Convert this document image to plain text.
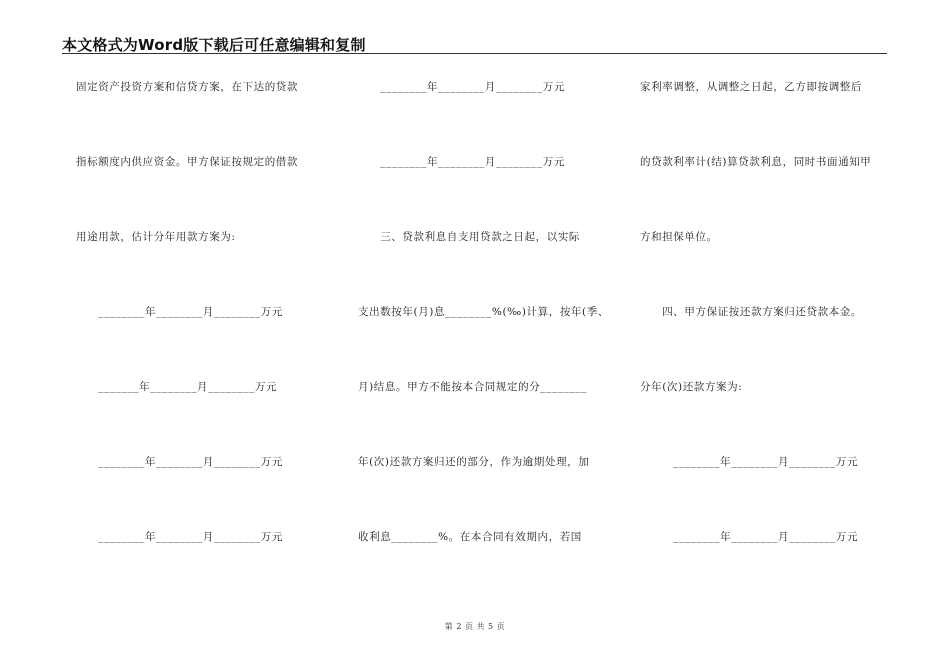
本文格式为Word版下载后可任意编辑和复制
固定资产投资方案和信贷方案，在下达的贷款
指标额度内供应资金。甲方保证按规定的借款
用途用款，估计分年用款方案为:
　　________年________月________万元
　　_______年________月________万元
　　________年________月________万元
　　________年________月________万元
　　________年________月________万元
　　________年________月________万元
　　三、贷款利息自支用贷款之日起，以实际
支出数按年(月)息________%(‰)计算，按年(季、
月)结息。甲方不能按本合同规定的分________
年(次)还款方案归还的部分，作为逾期处理，加
收利息________%。在本合同有效期内，若国
家利率调整，从调整之日起，乙方即按调整后
的贷款利率计(结)算贷款利息，同时书面通知甲
方和担保单位。
　　四、甲方保证按还款方案归还贷款本金。
分年(次)还款方案为:
　　　________年________月________万元
　　　________年________月________万元
第 2 页 共 5 页
